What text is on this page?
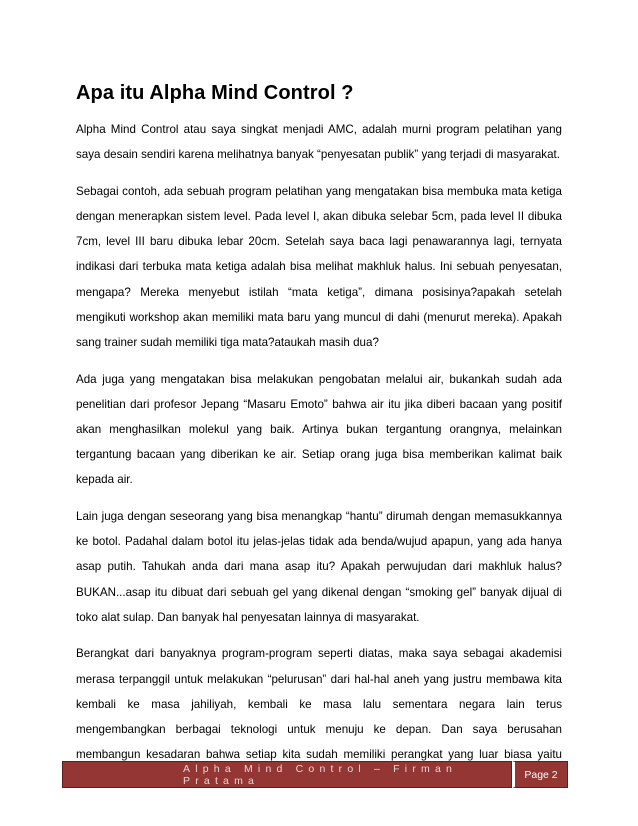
Apa itu Alpha Mind Control ?

Alpha Mind Control atau saya singkat menjadi AMC, adalah murni program pelatihan yang saya desain sendiri karena melihatnya banyak “penyesatan publik” yang terjadi di masyarakat.

Sebagai contoh, ada sebuah program pelatihan yang mengatakan bisa membuka mata ketiga dengan menerapkan sistem level. Pada level I, akan dibuka selebar 5cm, pada level II dibuka 7cm, level III baru dibuka lebar 20cm. Setelah saya baca lagi penawarannya lagi, ternyata indikasi dari terbuka mata ketiga adalah bisa melihat makhluk halus. Ini sebuah penyesatan, mengapa? Mereka menyebut istilah “mata ketiga”, dimana posisinya?apakah setelah mengikuti workshop akan memiliki mata baru yang muncul di dahi (menurut mereka). Apakah sang trainer sudah memiliki tiga mata?ataukah masih dua?

Ada juga yang mengatakan bisa melakukan pengobatan melalui air, bukankah sudah ada penelitian dari profesor Jepang “Masaru Emoto” bahwa air itu jika diberi bacaan yang positif akan menghasilkan molekul yang baik. Artinya bukan tergantung orangnya, melainkan tergantung bacaan yang diberikan ke air. Setiap orang juga bisa memberikan kalimat baik kepada air.

Lain juga dengan seseorang yang bisa menangkap “hantu” dirumah dengan memasukkannya ke botol. Padahal dalam botol itu jelas-jelas tidak ada benda/wujud apapun, yang ada hanya asap putih. Tahukah anda dari mana asap itu? Apakah perwujudan dari makhluk halus? BUKAN...asap itu dibuat dari sebuah gel yang dikenal dengan “smoking gel” banyak dijual di toko alat sulap. Dan banyak hal penyesatan lainnya di masyarakat.

Berangkat dari banyaknya program-program seperti diatas, maka saya sebagai akademisi merasa terpanggil untuk melakukan “pelurusan” dari hal-hal aneh yang justru membawa kita kembali ke masa jahiliyah, kembali ke masa lalu sementara negara lain terus mengembangkan berbagai teknologi untuk menuju ke depan. Dan saya berusahan membangun kesadaran bahwa setiap kita sudah memiliki perangkat yang luar biasa yaitu

Alpha Mind Control – Firman Pratama	Page 2
